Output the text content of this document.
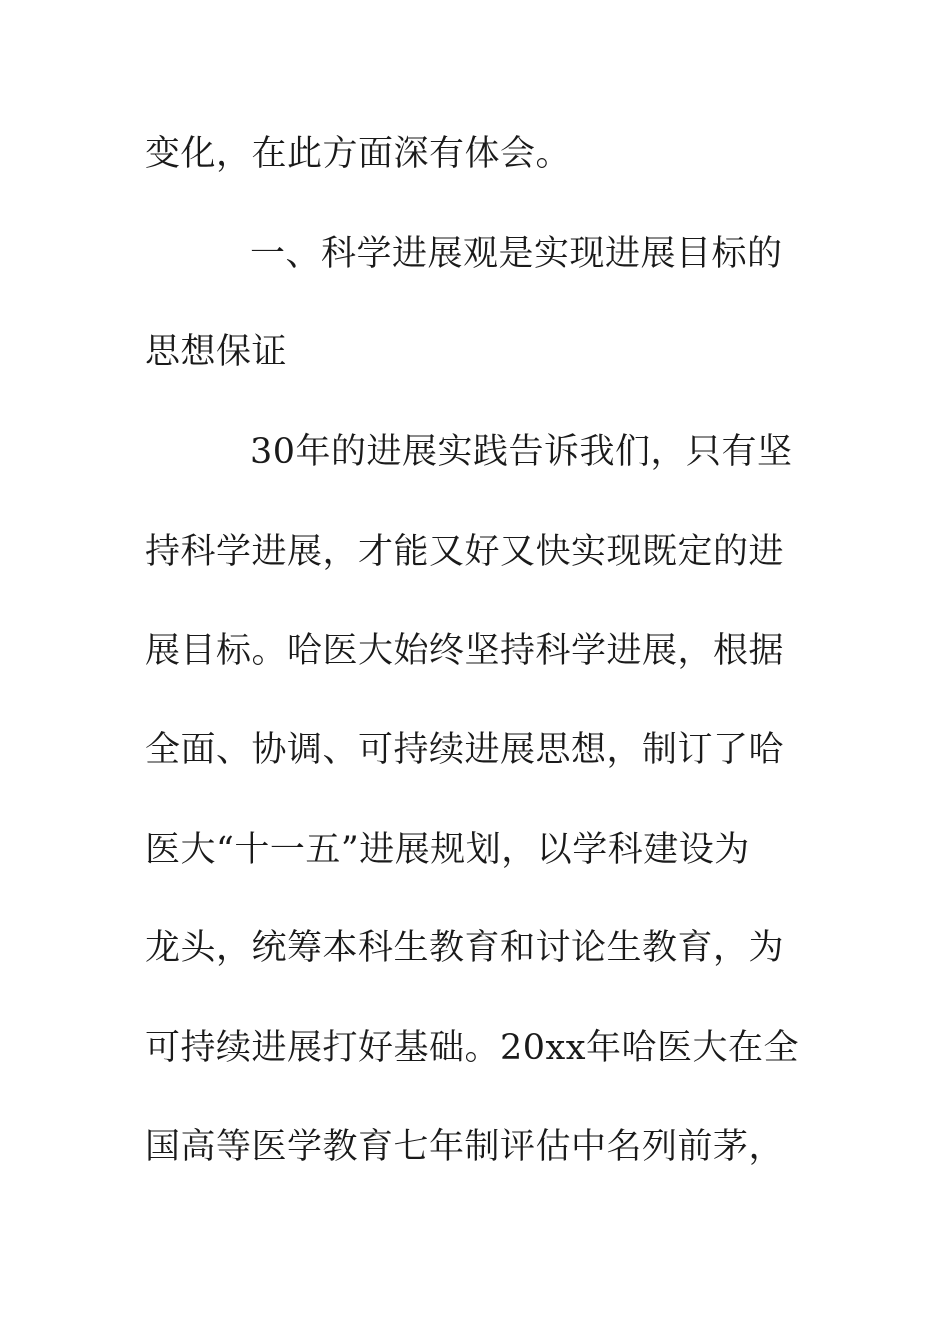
变化，在此方面深有体会。
一、科学进展观是实现进展目标的
思想保证
30年的进展实践告诉我们，只有坚
持科学进展，才能又好又快实现既定的进
展目标。哈医大始终坚持科学进展，根据
全面、协调、可持续进展思想，制订了哈
医大“十一五”进展规划，以学科建设为
龙头，统筹本科生教育和讨论生教育，为
可持续进展打好基础。20xx年哈医大在全
国高等医学教育七年制评估中名列前茅，
